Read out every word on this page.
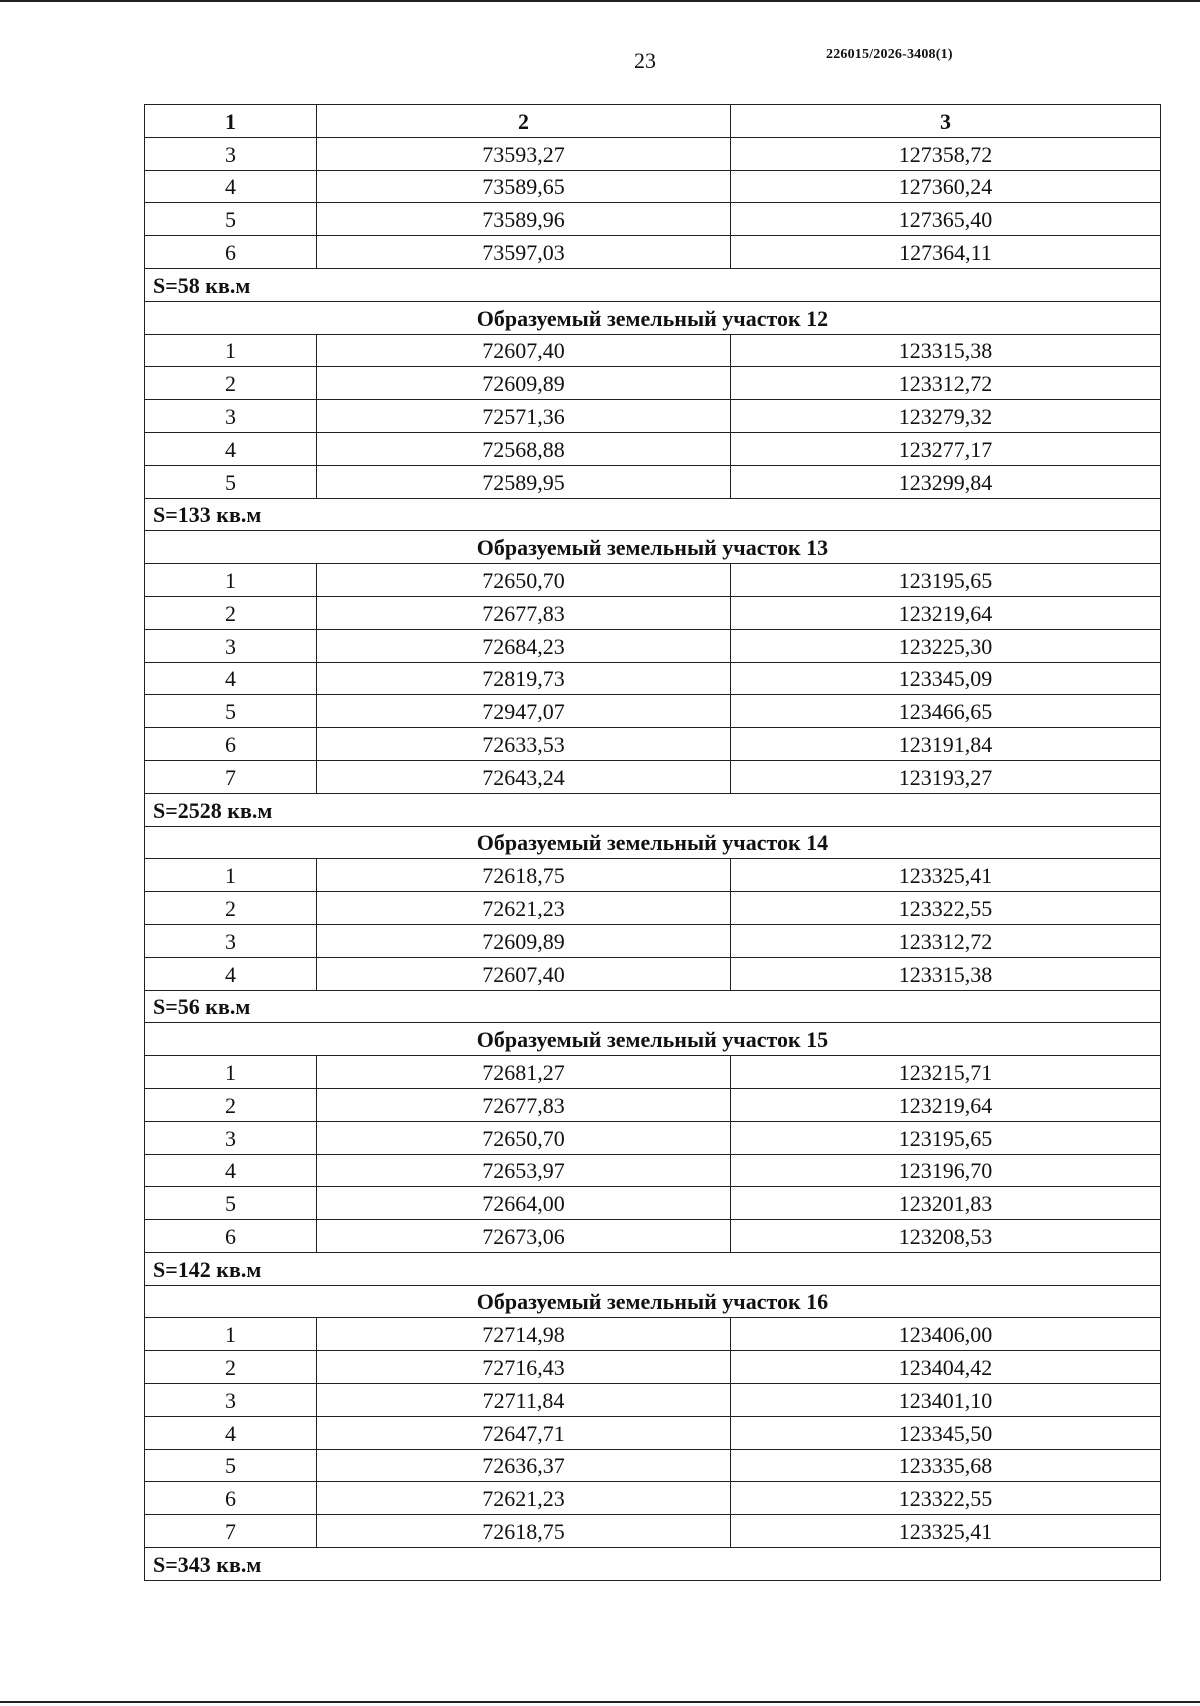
23	226015/2026-3408(1)
1	2	3
3	73593,27	127358,72
4	73589,65	127360,24
5	73589,96	127365,40
6	73597,03	127364,11
S=58 кв.м		
Образуемый земельный участок 12		
1	72607,40	123315,38
2	72609,89	123312,72
3	72571,36	123279,32
4	72568,88	123277,17
5	72589,95	123299,84
S=133 кв.м		
Образуемый земельный участок 13		
1	72650,70	123195,65
2	72677,83	123219,64
3	72684,23	123225,30
4	72819,73	123345,09
5	72947,07	123466,65
6	72633,53	123191,84
7	72643,24	123193,27
S=2528 кв.м		
Образуемый земельный участок 14		
1	72618,75	123325,41
2	72621,23	123322,55
3	72609,89	123312,72
4	72607,40	123315,38
S=56 кв.м		
Образуемый земельный участок 15		
1	72681,27	123215,71
2	72677,83	123219,64
3	72650,70	123195,65
4	72653,97	123196,70
5	72664,00	123201,83
6	72673,06	123208,53
S=142 кв.м		
Образуемый земельный участок 16		
1	72714,98	123406,00
2	72716,43	123404,42
3	72711,84	123401,10
4	72647,71	123345,50
5	72636,37	123335,68
6	72621,23	123322,55
7	72618,75	123325,41
S=343 кв.м		
